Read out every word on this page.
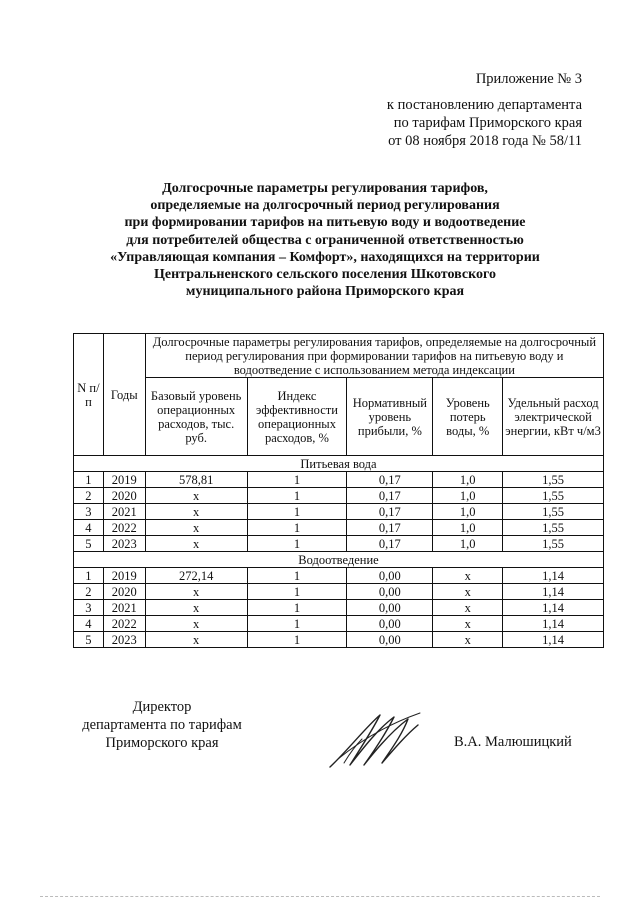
Приложение № 3
к постановлению департамента
по тарифам Приморского края
от 08 ноября 2018 года № 58/11
Долгосрочные параметры регулирования тарифов,
определяемые на долгосрочный период регулирования
при формировании тарифов на питьевую воду и водоотведение
для потребителей общества с ограниченной ответственностью
«Управляющая компания – Комфорт», находящихся на территории
Центральненского сельского поселения Шкотовского
муниципального района Приморского края
N п/п	Годы	Долгосрочные параметры регулирования тарифов, определяемые на долгосрочный период регулирования при формировании тарифов на питьевую воду и водоотведение с использованием метода индексации				
		Базовый уровень операционных расходов, тыс. руб.	Индекс эффективности операционных расходов, %	Нормативный уровень прибыли, %	Уровень потерь воды, %	Удельный расход электрической энергии, кВт ч/м3
Питьевая вода						
1	2019	578,81	1	0,17	1,0	1,55
2	2020	х	1	0,17	1,0	1,55
3	2021	х	1	0,17	1,0	1,55
4	2022	х	1	0,17	1,0	1,55
5	2023	х	1	0,17	1,0	1,55
Водоотведение						
1	2019	272,14	1	0,00	х	1,14
2	2020	х	1	0,00	х	1,14
3	2021	х	1	0,00	х	1,14
4	2022	х	1	0,00	х	1,14
5	2023	х	1	0,00	х	1,14
Директор
департамента по тарифам
Приморского края	В.А. Малюшицкий
